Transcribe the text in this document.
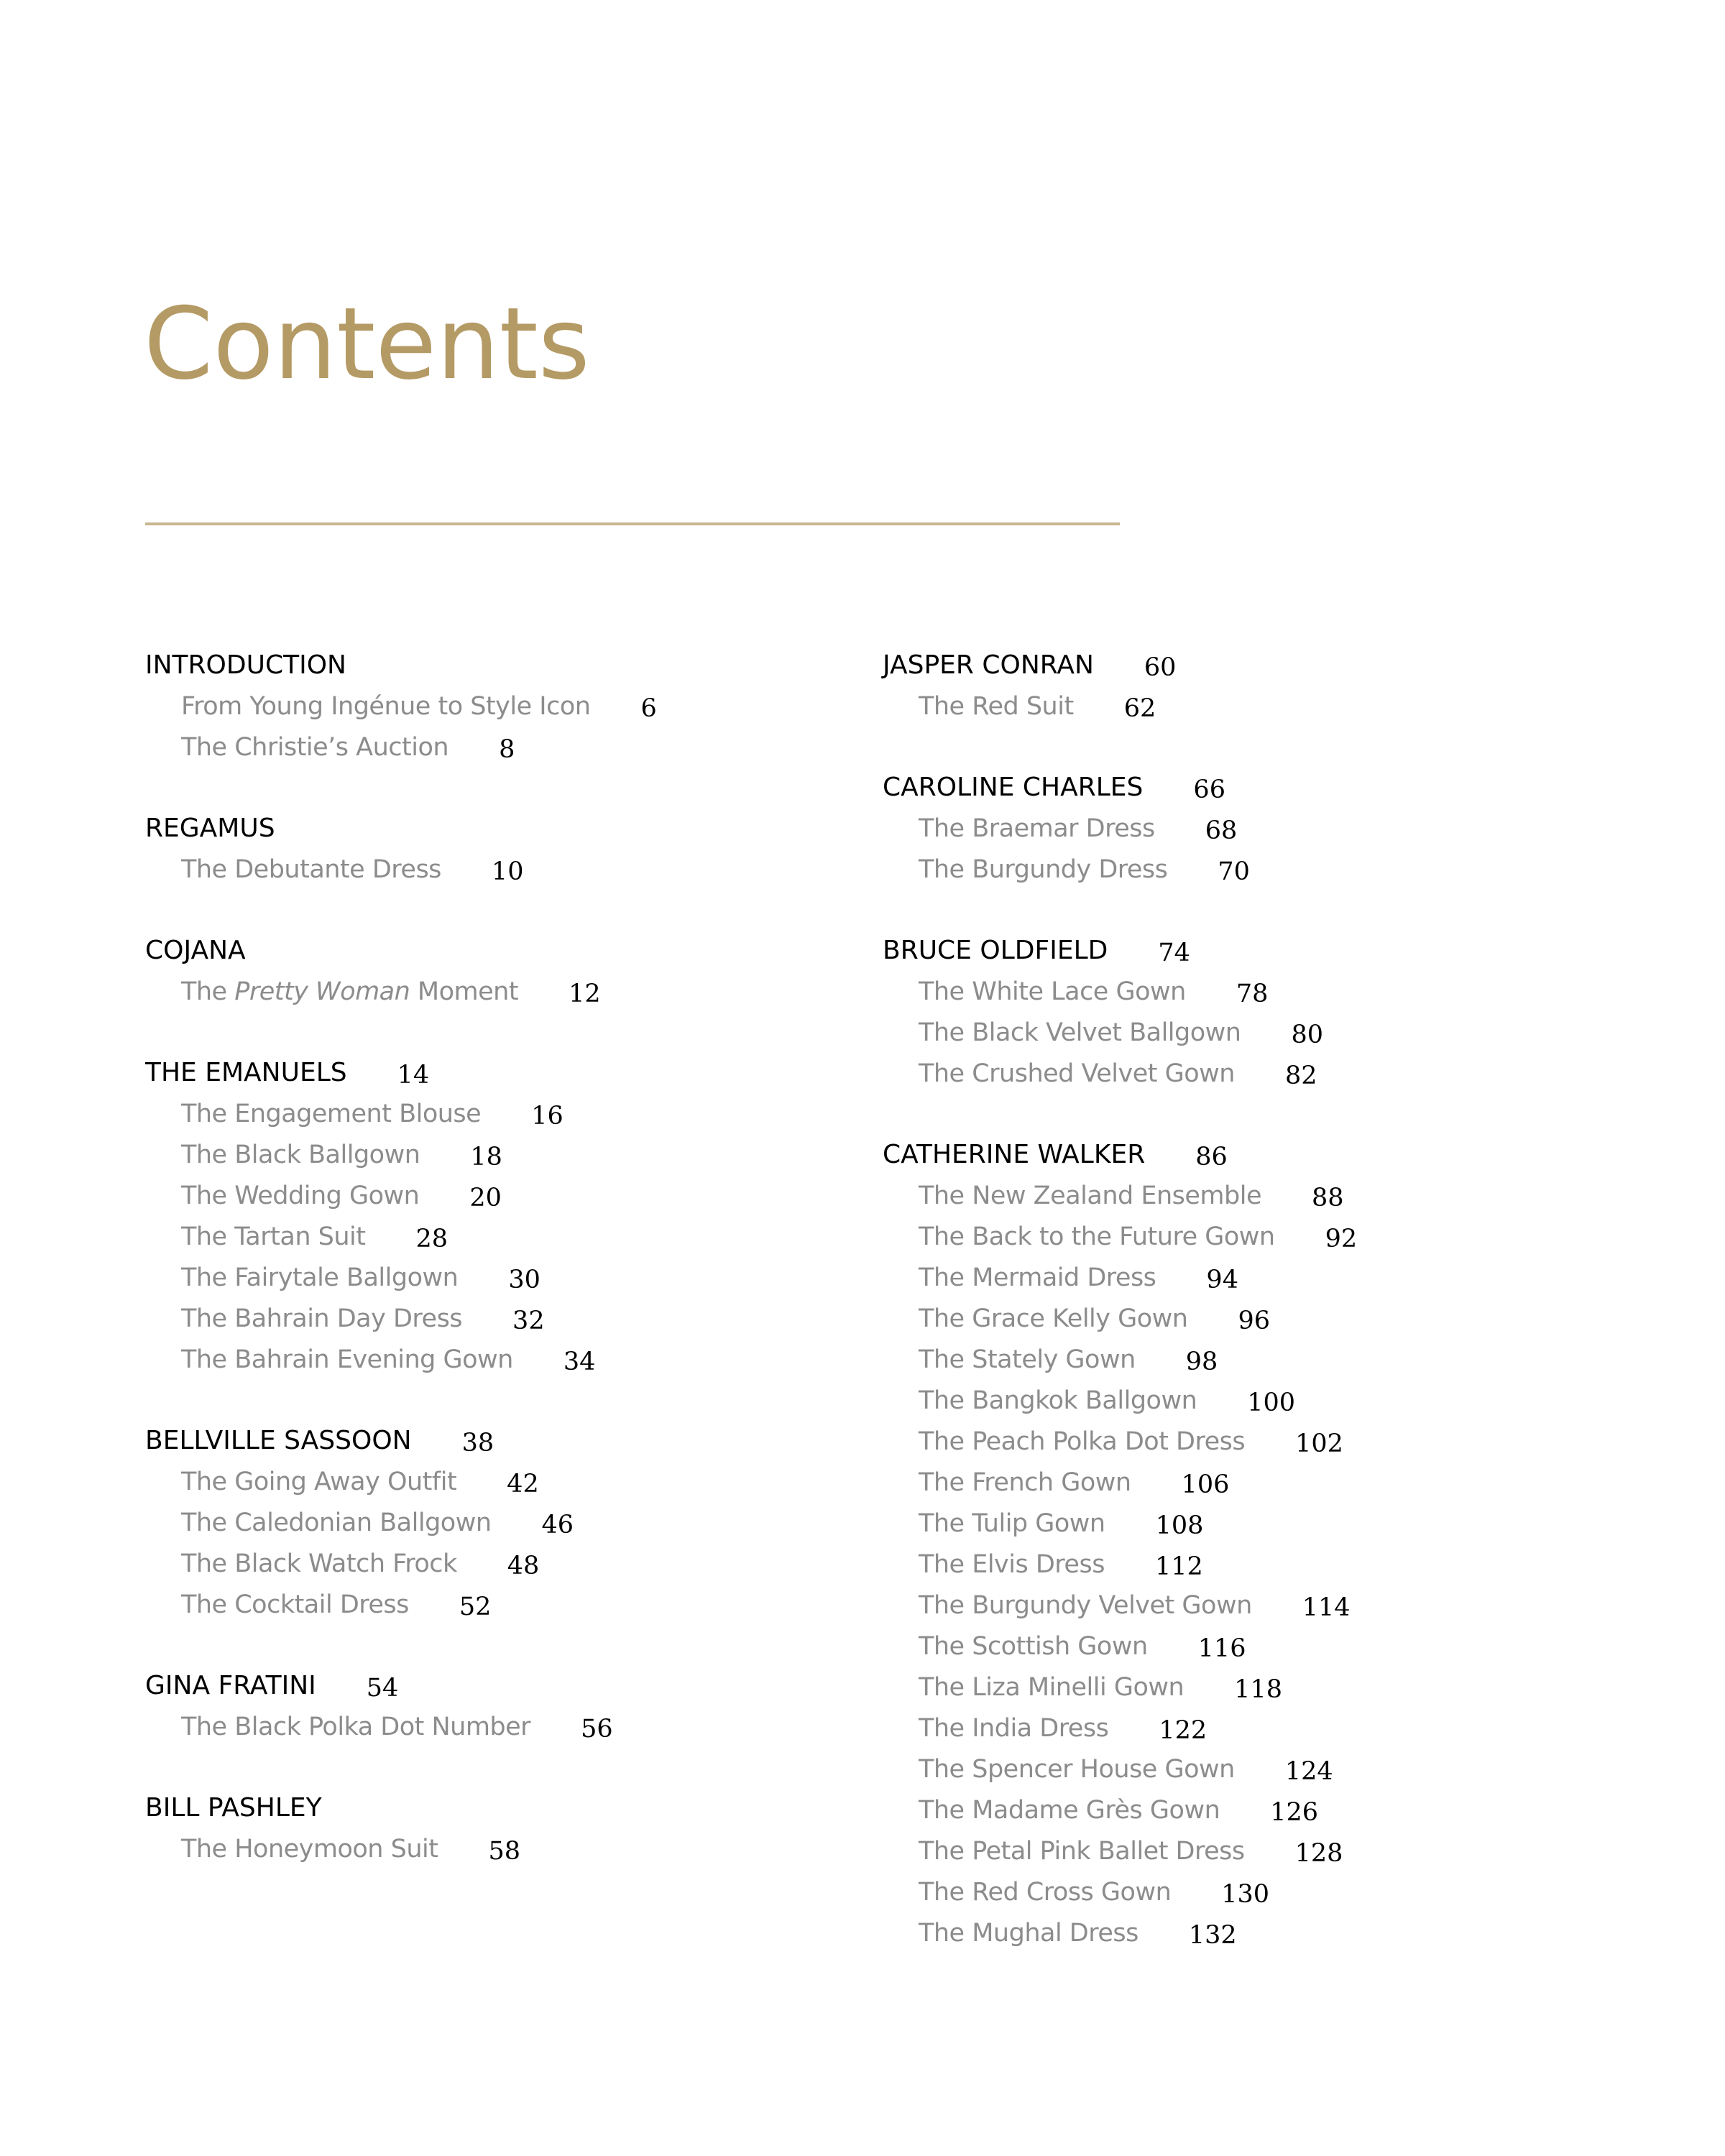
Contents
INTRODUCTION
From Young Ingénue to Style Icon 6
The Christie’s Auction 8
REGAMUS
The Debutante Dress 10
COJANA
The Pretty Woman Moment 12
THE EMANUELS 14
The Engagement Blouse 16
The Black Ballgown 18
The Wedding Gown 20
The Tartan Suit 28
The Fairytale Ballgown 30
The Bahrain Day Dress 32
The Bahrain Evening Gown 34
BELLVILLE SASSOON 38
The Going Away Outfit 42
The Caledonian Ballgown 46
The Black Watch Frock 48
The Cocktail Dress 52
GINA FRATINI 54
The Black Polka Dot Number 56
BILL PASHLEY
The Honeymoon Suit 58
JASPER CONRAN 60
The Red Suit 62
CAROLINE CHARLES 66
The Braemar Dress 68
The Burgundy Dress 70
BRUCE OLDFIELD 74
The White Lace Gown 78
The Black Velvet Ballgown 80
The Crushed Velvet Gown 82
CATHERINE WALKER 86
The New Zealand Ensemble 88
The Back to the Future Gown 92
The Mermaid Dress 94
The Grace Kelly Gown 96
The Stately Gown 98
The Bangkok Ballgown 100
The Peach Polka Dot Dress 102
The French Gown 106
The Tulip Gown 108
The Elvis Dress 112
The Burgundy Velvet Gown 114
The Scottish Gown 116
The Liza Minelli Gown 118
The India Dress 122
The Spencer House Gown 124
The Madame Grès Gown 126
The Petal Pink Ballet Dress 128
The Red Cross Gown 130
The Mughal Dress 132
